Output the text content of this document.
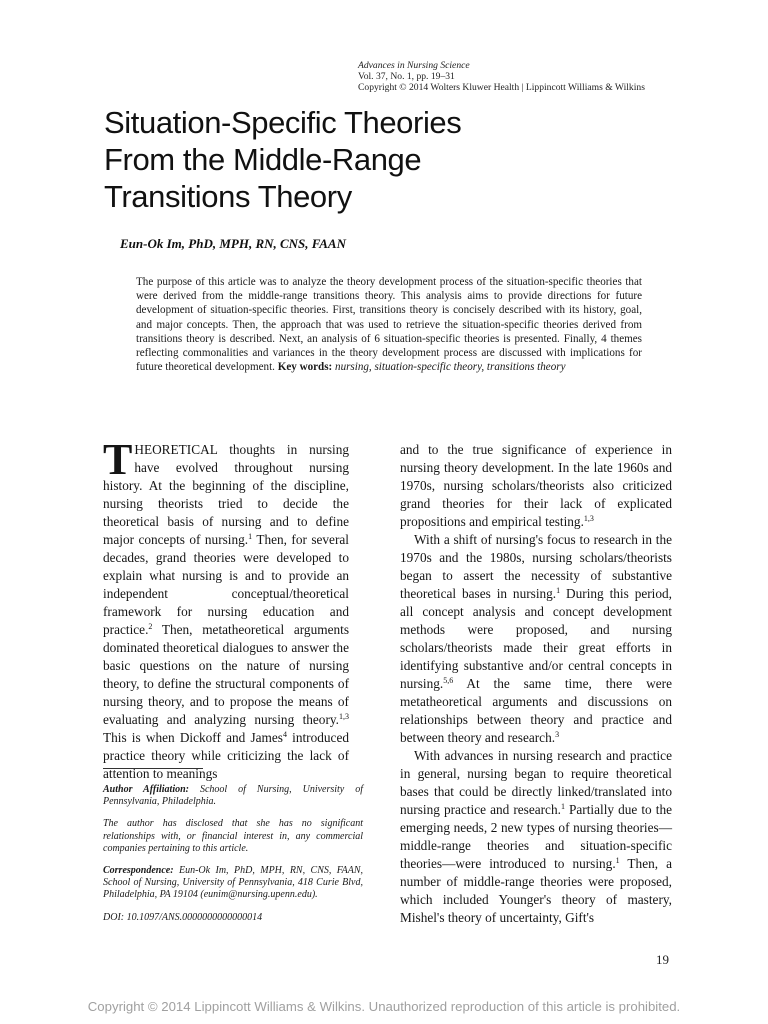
Advances in Nursing Science
Vol. 37, No. 1, pp. 19–31
Copyright © 2014 Wolters Kluwer Health | Lippincott Williams & Wilkins
Situation-Specific Theories
From the Middle-Range
Transitions Theory
Eun-Ok Im, PhD, MPH, RN, CNS, FAAN
The purpose of this article was to analyze the theory development process of the situation-specific theories that were derived from the middle-range transitions theory. This analysis aims to provide directions for future development of situation-specific theories. First, transitions theory is concisely described with its history, goal, and major concepts. Then, the approach that was used to retrieve the situation-specific theories derived from transitions theory is described. Next, an analysis of 6 situation-specific theories is presented. Finally, 4 themes reflecting commonalities and variances in the theory development process are discussed with implications for future theoretical development. Key words: nursing, situation-specific theory, transitions theory

THEORETICAL thoughts in nursing have evolved throughout nursing history. At the beginning of the discipline, nursing theorists tried to decide the theoretical basis of nursing and to define major concepts of nursing.$^1$ Then, for several decades, grand theories were developed to explain what nursing is and to provide an independent conceptual/theoretical framework for nursing education and practice.$^2$ Then, metatheoretical arguments dominated theoretical dialogues to answer the basic questions on the nature of nursing theory, to define the structural components of nursing theory, and to propose the means of evaluating and analyzing nursing theory.$^{1,3}$ This is when Dickoff and James$^4$ introduced practice theory while criticizing the lack of attention to meanings

Author Affiliation: School of Nursing, University of Pennsylvania, Philadelphia.

The author has disclosed that she has no significant relationships with, or financial interest in, any commercial companies pertaining to this article.

Correspondence: Eun-Ok Im, PhD, MPH, RN, CNS, FAAN, School of Nursing, University of Pennsylvania, 418 Curie Blvd, Philadelphia, PA 19104 (eunim@nursing.upenn.edu).

DOI: 10.1097/ANS.0000000000000014

and to the true significance of experience in nursing theory development. In the late 1960s and 1970s, nursing scholars/theorists also criticized grand theories for their lack of explicated propositions and empirical testing.$^{1,3}$

With a shift of nursing's focus to research in the 1970s and the 1980s, nursing scholars/theorists began to assert the necessity of substantive theoretical bases in nursing.$^1$ During this period, all concept analysis and concept development methods were proposed, and nursing scholars/theorists made their great efforts in identifying substantive and/or central concepts in nursing.$^{5,6}$ At the same time, there were metatheoretical arguments and discussions on relationships between theory and practice and between theory and research.$^3$

With advances in nursing research and practice in general, nursing began to require theoretical bases that could be directly linked/translated into nursing practice and research.$^1$ Partially due to the emerging needs, 2 new types of nursing theories—middle-range theories and situation-specific theories—were introduced to nursing.$^1$ Then, a number of middle-range theories were proposed, which included Younger's theory of mastery, Mishel's theory of uncertainty, Gift's

19
Copyright © 2014 Lippincott Williams & Wilkins. Unauthorized reproduction of this article is prohibited.
